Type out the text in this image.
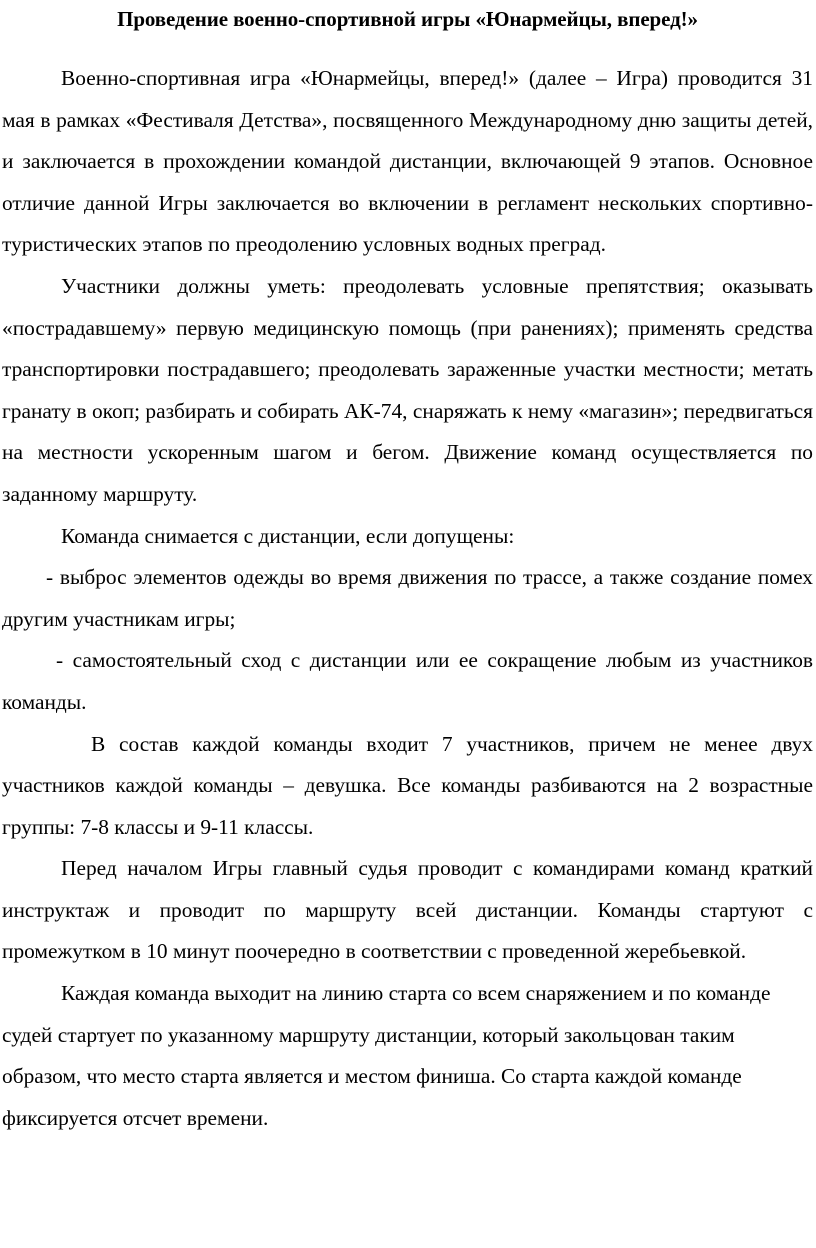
Проведение военно-спортивной игры «Юнармейцы, вперед!»

Военно-спортивная игра «Юнармейцы, вперед!» (далее – Игра) проводится 31 мая в рамках «Фестиваля Детства», посвященного Международному дню защиты детей, и заключается в прохождении командой дистанции, включающей 9 этапов. Основное отличие данной Игры заключается во включении в регламент нескольких спортивно-туристических этапов по преодолению условных водных преград.

Участники должны уметь: преодолевать условные препятствия; оказывать «пострадавшему» первую медицинскую помощь (при ранениях); применять средства транспортировки пострадавшего; преодолевать зараженные участки местности; метать гранату в окоп; разбирать и собирать АК-74, снаряжать к нему «магазин»; передвигаться на местности ускоренным шагом и бегом. Движение команд осуществляется по заданному маршруту.

Команда снимается с дистанции, если допущены:

- выброс элементов одежды во время движения по трассе, а также создание помех другим участникам игры;

- самостоятельный сход с дистанции или ее сокращение любым из участников команды.

В состав каждой команды входит 7 участников, причем не менее двух участников каждой команды – девушка. Все команды разбиваются на 2 возрастные группы: 7-8 классы и 9-11 классы.

Перед началом Игры главный судья проводит с командирами команд краткий инструктаж и проводит по маршруту всей дистанции. Команды стартуют с промежутком в 10 минут поочередно в соответствии с проведенной жеребьевкой.

Каждая команда выходит на линию старта со всем снаряжением и по команде судей стартует по указанному маршруту дистанции, который закольцован таким образом, что место старта является и местом финиша. Со старта каждой команде фиксируется отсчет времени.
